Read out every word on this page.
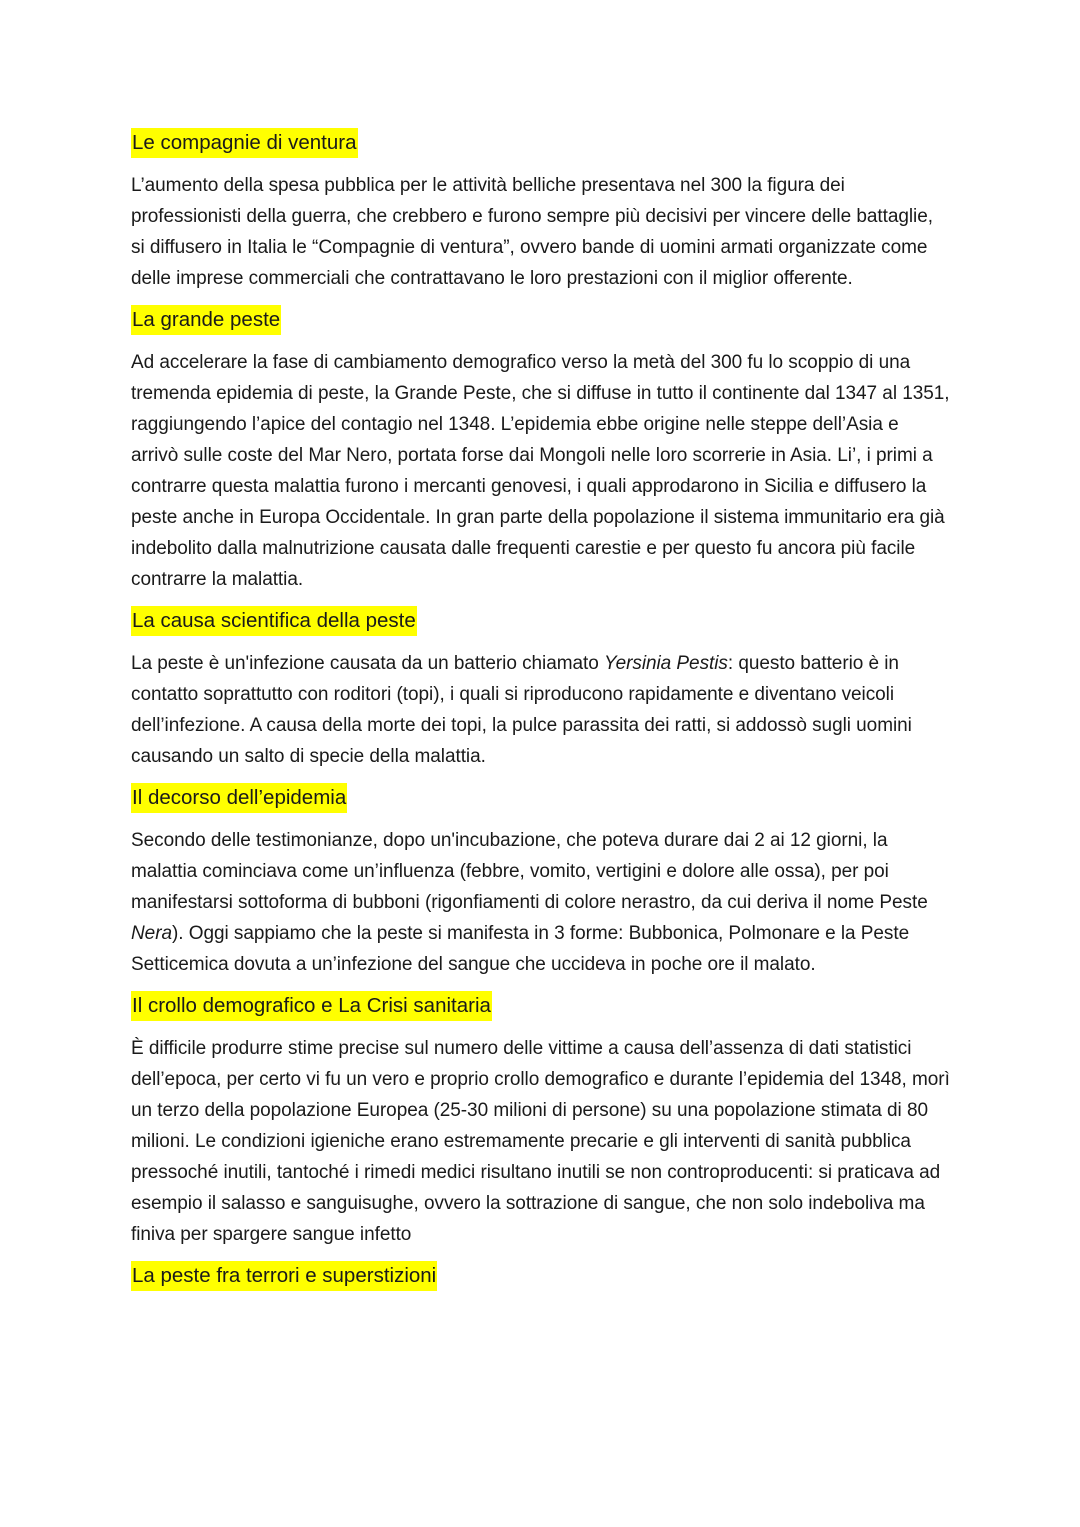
Le compagnie di ventura

L’aumento della spesa pubblica per le attività belliche presentava nel 300 la figura dei professionisti della guerra, che crebbero e furono sempre più decisivi per vincere delle battaglie, si diffusero in Italia le “Compagnie di ventura”, ovvero bande di uomini armati organizzate come delle imprese commerciali che contrattavano le loro prestazioni con il miglior offerente.

La grande peste

Ad accelerare la fase di cambiamento demografico verso la metà del 300 fu lo scoppio di una tremenda epidemia di peste, la Grande Peste, che si diffuse in tutto il continente dal 1347 al 1351, raggiungendo l’apice del contagio nel 1348. L’epidemia ebbe origine nelle steppe dell’Asia e arrivò sulle coste del Mar Nero, portata forse dai Mongoli nelle loro scorrerie in Asia. Li’, i primi a contrarre questa malattia furono i mercanti genovesi, i quali approdarono in Sicilia e diffusero la peste anche in Europa Occidentale. In gran parte della popolazione il sistema immunitario era già indebolito dalla malnutrizione causata dalle frequenti carestie e per questo fu ancora più facile contrarre la malattia.

La causa scientifica della peste

La peste è un'infezione causata da un batterio chiamato Yersinia Pestis: questo batterio è in contatto soprattutto con roditori (topi), i quali si riproducono rapidamente e diventano veicoli dell’infezione. A causa della morte dei topi, la pulce parassita dei ratti, si addossò sugli uomini causando un salto di specie della malattia.

Il decorso dell’epidemia

Secondo delle testimonianze, dopo un'incubazione, che poteva durare dai 2 ai 12 giorni, la malattia cominciava come un’influenza (febbre, vomito, vertigini e dolore alle ossa), per poi manifestarsi sottoforma di bubboni (rigonfiamenti di colore nerastro, da cui deriva il nome Peste Nera). Oggi sappiamo che la peste si manifesta in 3 forme: Bubbonica, Polmonare e la Peste Setticemica dovuta a un’infezione del sangue che uccideva in poche ore il malato.

Il crollo demografico e La Crisi sanitaria

È difficile produrre stime precise sul numero delle vittime a causa dell’assenza di dati statistici dell’epoca, per certo vi fu un vero e proprio crollo demografico e durante l’epidemia del 1348, morì un terzo della popolazione Europea (25-30 milioni di persone) su una popolazione stimata di 80 milioni. Le condizioni igieniche erano estremamente precarie e gli interventi di sanità pubblica pressoché inutili, tantoché i rimedi medici risultano inutili se non controproducenti: si praticava ad esempio il salasso e sanguisughe, ovvero la sottrazione di sangue, che non solo indeboliva ma finiva per spargere sangue infetto

La peste fra terrori e superstizioni
